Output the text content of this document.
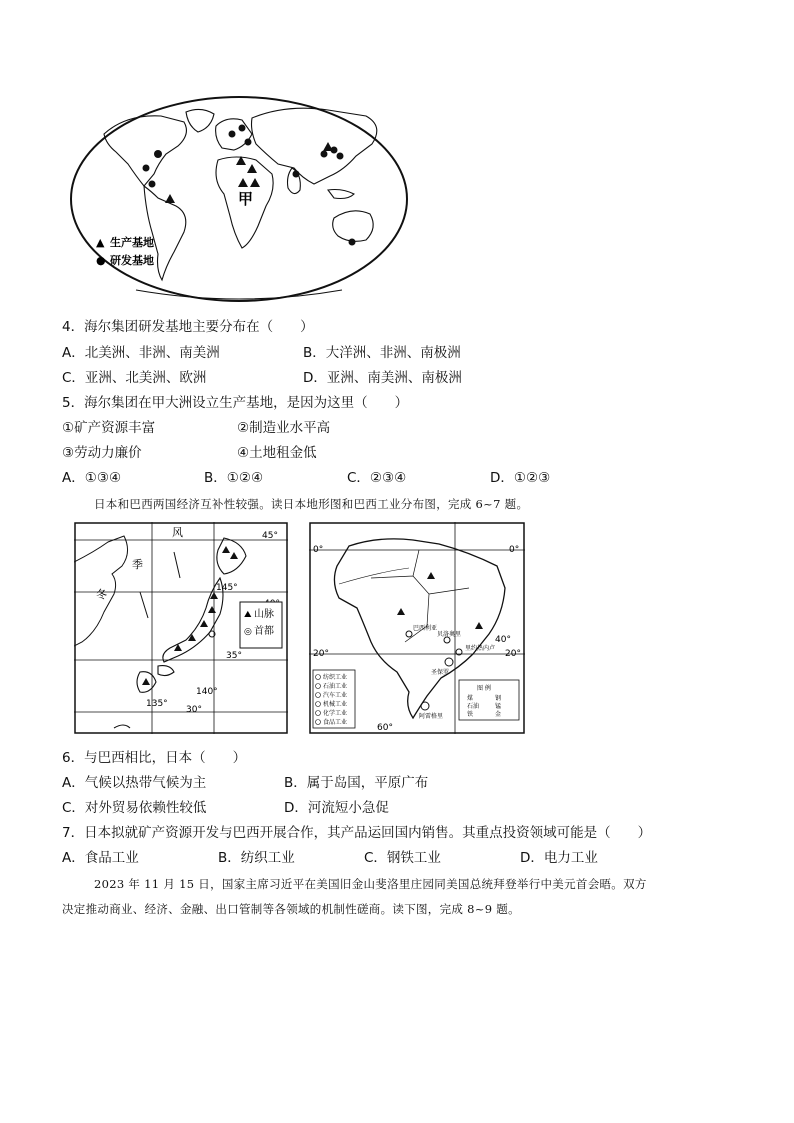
甲
▲ 生产基地
● 研发基地
4．海尔集团研发基地主要分布在（　　）
A．北美洲、非洲、南美洲	B．大洋洲、非洲、南极洲
C．亚洲、北美洲、欧洲	D．亚洲、南美洲、南极洲
5．海尔集团在甲大洲设立生产基地，是因为这里（　　）
①矿产资源丰富	②制造业水平高
③劳动力廉价	④土地租金低
A．①③④	B．①②④	C．②③④	D．①②③
日本和巴西两国经济互补性较强。读日本地形图和巴西工业分布图，完成 6~7 题。
风
季
冬
45°
145°
35°
140°
135°
30°
⛰ 山脉
◎ 首都
0°	0°
20°	20°
40°
60°
巴西利亚
贝洛奥里
里约热内卢
圣保罗
阿雷格里
纺织工业
石油工业
汽车工业
机械工业
化学工业
食品工业
图 例
煤	钢
石油	锰
铁	金
6．与巴西相比，日本（　　）
A．气候以热带气候为主	B．属于岛国，平原广布
C．对外贸易依赖性较低	D．河流短小急促
7．日本拟就矿产资源开发与巴西开展合作，其产品运回国内销售。其重点投资领域可能是（　　）
A．食品工业	B．纺织工业	C．钢铁工业	D．电力工业
2023 年 11 月 15 日，国家主席习近平在美国旧金山斐洛里庄园同美国总统拜登举行中美元首会晤。双方
决定推动商业、经济、金融、出口管制等各领域的机制性磋商。读下图，完成 8~9 题。
